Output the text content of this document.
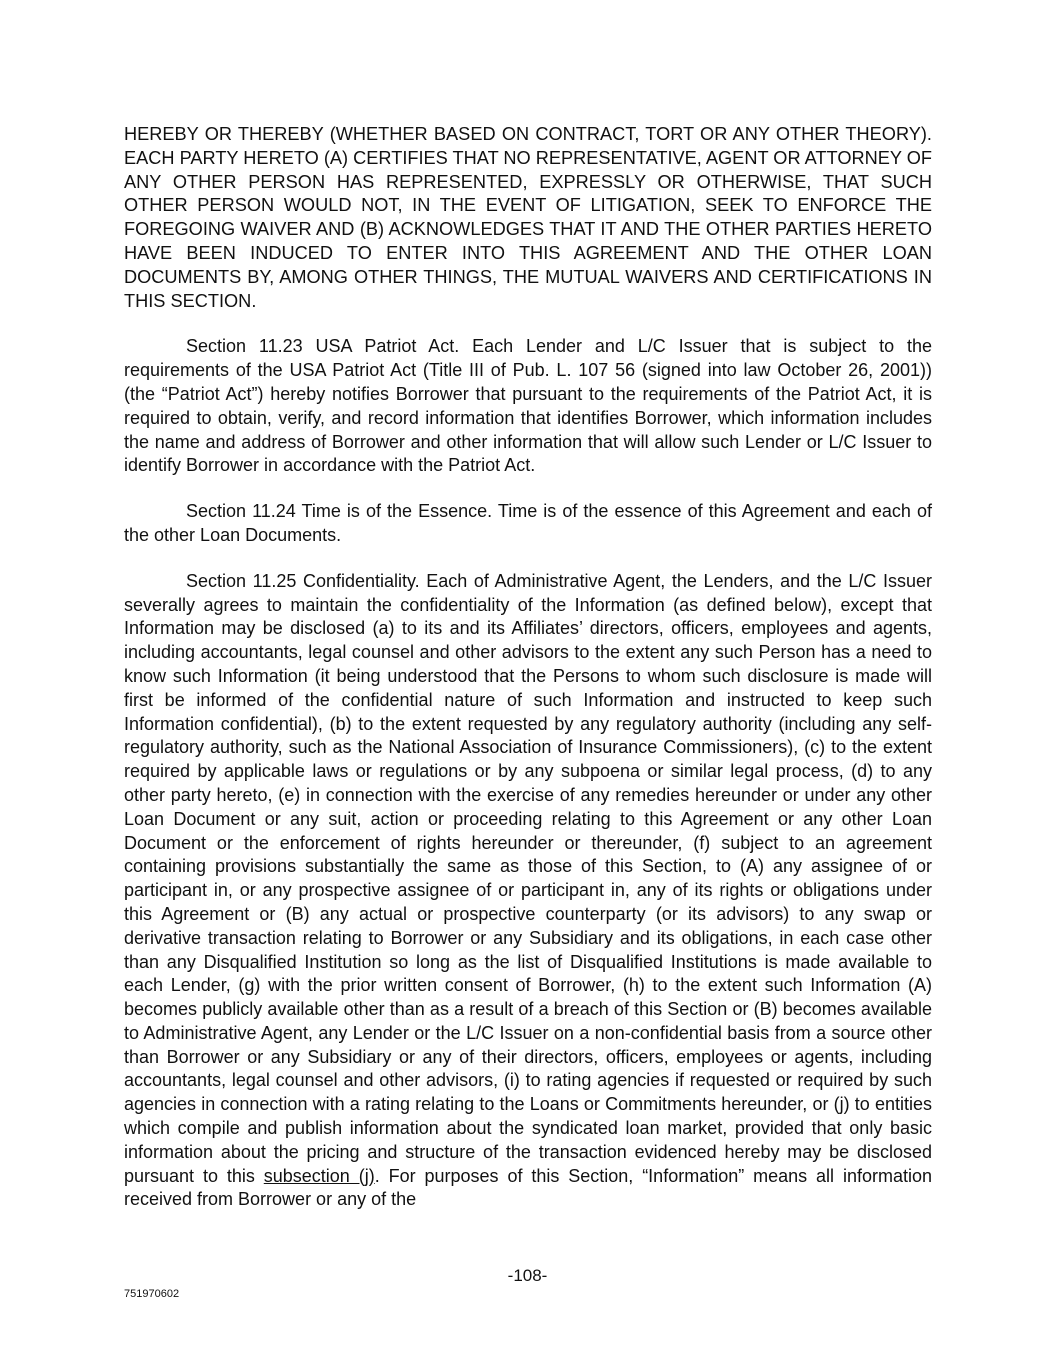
HEREBY OR THEREBY (WHETHER BASED ON CONTRACT, TORT OR ANY OTHER THEORY). EACH PARTY HERETO (A) CERTIFIES THAT NO REPRESENTATIVE, AGENT OR ATTORNEY OF ANY OTHER PERSON HAS REPRESENTED, EXPRESSLY OR OTHERWISE, THAT SUCH OTHER PERSON WOULD NOT, IN THE EVENT OF LITIGATION, SEEK TO ENFORCE THE FOREGOING WAIVER AND (B) ACKNOWLEDGES THAT IT AND THE OTHER PARTIES HERETO HAVE BEEN INDUCED TO ENTER INTO THIS AGREEMENT AND THE OTHER LOAN DOCUMENTS BY, AMONG OTHER THINGS, THE MUTUAL WAIVERS AND CERTIFICATIONS IN THIS SECTION.

Section 11.23 USA Patriot Act. Each Lender and L/C Issuer that is subject to the requirements of the USA Patriot Act (Title III of Pub. L. 107 56 (signed into law October 26, 2001)) (the “Patriot Act”) hereby notifies Borrower that pursuant to the requirements of the Patriot Act, it is required to obtain, verify, and record information that identifies Borrower, which information includes the name and address of Borrower and other information that will allow such Lender or L/C Issuer to identify Borrower in accordance with the Patriot Act.

Section 11.24 Time is of the Essence. Time is of the essence of this Agreement and each of the other Loan Documents.

Section 11.25 Confidentiality. Each of Administrative Agent, the Lenders, and the L/C Issuer severally agrees to maintain the confidentiality of the Information (as defined below), except that Information may be disclosed (a) to its and its Affiliates’ directors, officers, employees and agents, including accountants, legal counsel and other advisors to the extent any such Person has a need to know such Information (it being understood that the Persons to whom such disclosure is made will first be informed of the confidential nature of such Information and instructed to keep such Information confidential), (b) to the extent requested by any regulatory authority (including any self-regulatory authority, such as the National Association of Insurance Commissioners), (c) to the extent required by applicable laws or regulations or by any subpoena or similar legal process, (d) to any other party hereto, (e) in connection with the exercise of any remedies hereunder or under any other Loan Document or any suit, action or proceeding relating to this Agreement or any other Loan Document or the enforcement of rights hereunder or thereunder, (f) subject to an agreement containing provisions substantially the same as those of this Section, to (A) any assignee of or participant in, or any prospective assignee of or participant in, any of its rights or obligations under this Agreement or (B) any actual or prospective counterparty (or its advisors) to any swap or derivative transaction relating to Borrower or any Subsidiary and its obligations, in each case other than any Disqualified Institution so long as the list of Disqualified Institutions is made available to each Lender, (g) with the prior written consent of Borrower, (h) to the extent such Information (A) becomes publicly available other than as a result of a breach of this Section or (B) becomes available to Administrative Agent, any Lender or the L/C Issuer on a non-confidential basis from a source other than Borrower or any Subsidiary or any of their directors, officers, employees or agents, including accountants, legal counsel and other advisors, (i) to rating agencies if requested or required by such agencies in connection with a rating relating to the Loans or Commitments hereunder, or (j) to entities which compile and publish information about the syndicated loan market, provided that only basic information about the pricing and structure of the transaction evidenced hereby may be disclosed pursuant to this subsection (j). For purposes of this Section, “Information” means all information received from Borrower or any of the

-108-
751970602
